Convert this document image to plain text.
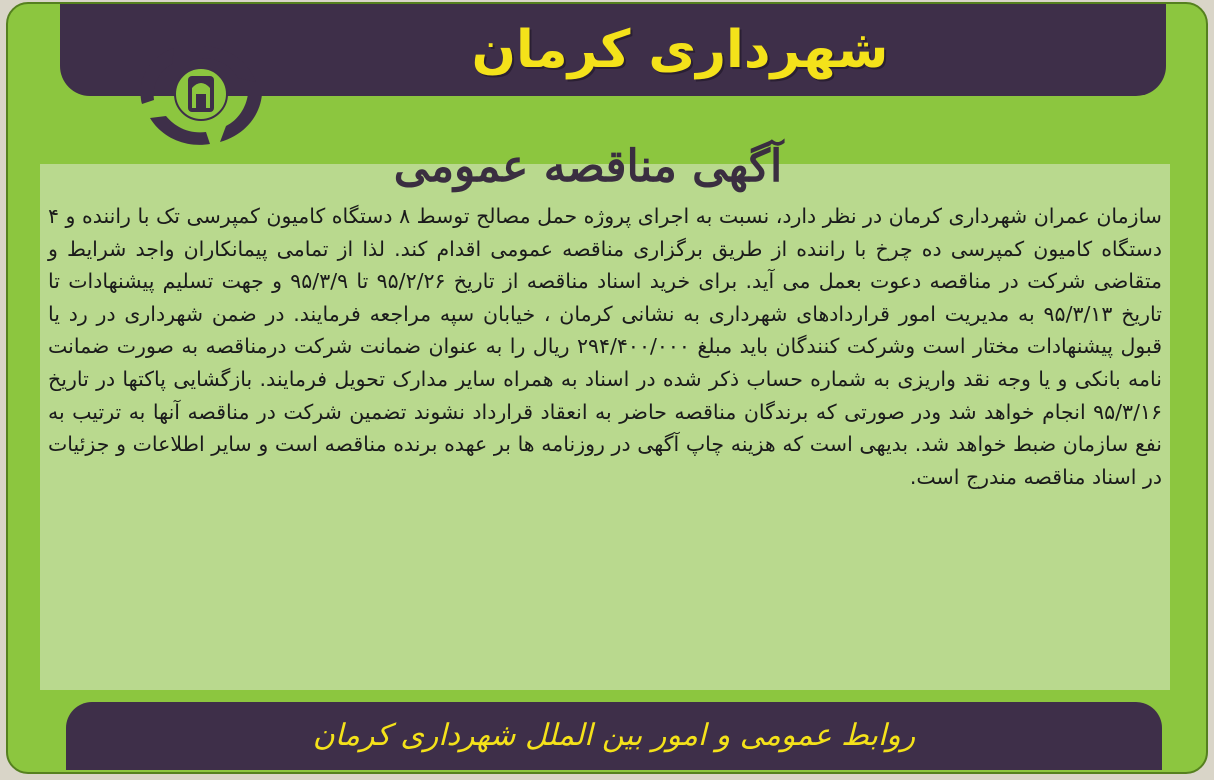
شهرداری کرمان
آگهی مناقصه عمومی
سازمان عمران شهرداری کرمان در نظر دارد، نسبت به اجرای پروژه حمل مصالح توسط ۸ دستگاه کامیون کمپرسی تک با راننده و ۴ دستگاه کامیون کمپرسی ده چرخ با راننده از طریق برگزاری مناقصه عمومی اقدام کند. لذا از تمامی پیمانکاران واجد شرایط و متقاضی شرکت در مناقصه دعوت بعمل می آید. برای خرید اسناد مناقصه از تاریخ ۹۵/۲/۲۶ تا ۹۵/۳/۹ و جهت تسلیم پیشنهادات تا تاریخ ۹۵/۳/۱۳ به مدیریت امور قراردادهای شهرداری به نشانی کرمان ، خیابان سپه مراجعه فرمایند. در ضمن شهرداری در رد یا قبول پیشنهادات مختار است وشرکت کنندگان باید مبلغ ۲۹۴/۴۰۰/۰۰۰ ریال را به عنوان ضمانت شرکت درمناقصه به صورت ضمانت نامه بانکی و یا وجه نقد واریزی به شماره حساب ذکر شده در اسناد به همراه سایر مدارک تحویل فرمایند. بازگشایی پاکتها در تاریخ ۹۵/۳/۱۶ انجام خواهد شد ودر صورتی که برندگان مناقصه حاضر به انعقاد قرارداد نشوند تضمین شرکت در مناقصه آنها به ترتیب به نفع سازمان ضبط خواهد شد. بدیهی است که هزینه چاپ آگهی در روزنامه ها بر عهده برنده مناقصه است و سایر اطلاعات و جزئیات در اسناد مناقصه مندرج است.
روابط عمومی و امور بین الملل شهرداری کرمان
